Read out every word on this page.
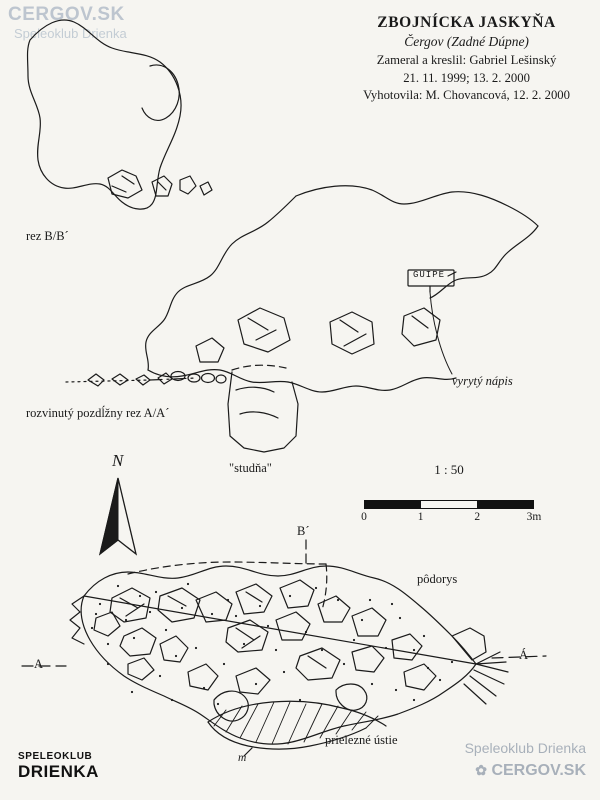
CERGOV.SK
Speleoklub Drienka
ZBOJNÍCKA JASKYŇA
Čergov (Zadné Dúpne)
Zameral a kreslil: Gabriel Lešinský
21. 11. 1999; 13. 2. 2000
Vyhotovila: M. Chovancová, 12. 2. 2000
rez B/B´
rozvinutý pozdĺžny rez A/A´
"studňa"
vyrytý nápis
GUIPE
pôdorys
prielezné ústie
A
Á
B´
m
N	1 : 50
0	1	2	3m
SPELEOKLUB
DRIENKA
Speleoklub Drienka
✿ CERGOV.SK
